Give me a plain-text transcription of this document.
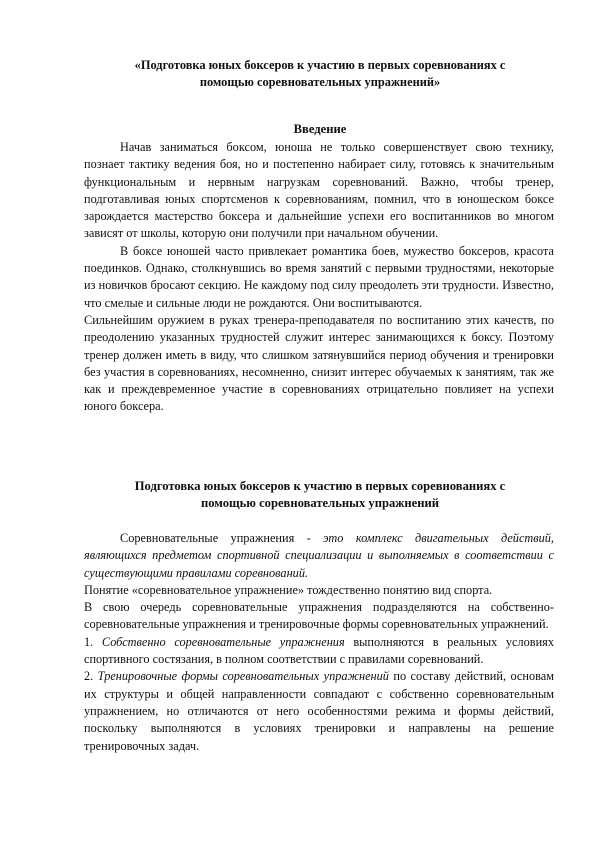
«Подготовка юных боксеров к участию в первых соревнованиях с
помощью соревновательных упражнений»
Введение

Начав заниматься боксом, юноша не только совершенствует свою технику, познает тактику ведения боя, но и постепенно набирает силу, готовясь к значительным функциональным и нервным нагрузкам соревнований. Важно, чтобы тренер, подготавливая юных спортсменов к соревнованиям, помнил, что в юношеском боксе зарождается мастерство боксера и дальнейшие успехи его воспитанников во многом зависят от школы, которую они получили при начальном обучении.

В боксе юношей часто привлекает романтика боев, мужество боксеров, красота поединков. Однако, столкнувшись во время занятий с первыми трудностями, некоторые из новичков бросают секцию. Не каждому под силу преодолеть эти трудности. Известно, что смелые и сильные люди не рождаются. Они воспитываются.

Сильнейшим оружием в руках тренера-преподавателя по воспитанию этих качеств, по преодолению указанных трудностей служит интерес занимающихся к боксу. Поэтому тренер должен иметь в виду, что слишком затянувшийся период обучения и тренировки без участия в соревнованиях, несомненно, снизит интерес обучаемых к занятиям, так же как и преждевременное участие в соревнованиях отрицательно повлияет на успехи юного боксера.

Подготовка юных боксеров к участию в первых соревнованиях с
помощью соревновательных упражнений

Соревновательные упражнения - это комплекс двигательных действий, являющихся предметом спортивной специализации и выполняемых в соответствии с существующими правилами соревнований.

Понятие «соревновательное упражнение» тождественно понятию вид спорта.

В свою очередь соревновательные упражнения подразделяются на собственно-соревновательные упражнения и тренировочные формы соревновательных упражнений.

1. Собственно соревновательные упражнения выполняются в реальных условиях спортивного состязания, в полном соответствии с правилами соревнований.

2. Тренировочные формы соревновательных упражнений по составу действий, основам их структуры и общей направленности совпадают с собственно соревновательным упражнением, но отличаются от него особенностями режима и формы действий, поскольку выполняются в условиях тренировки и направлены на решение тренировочных задач.
